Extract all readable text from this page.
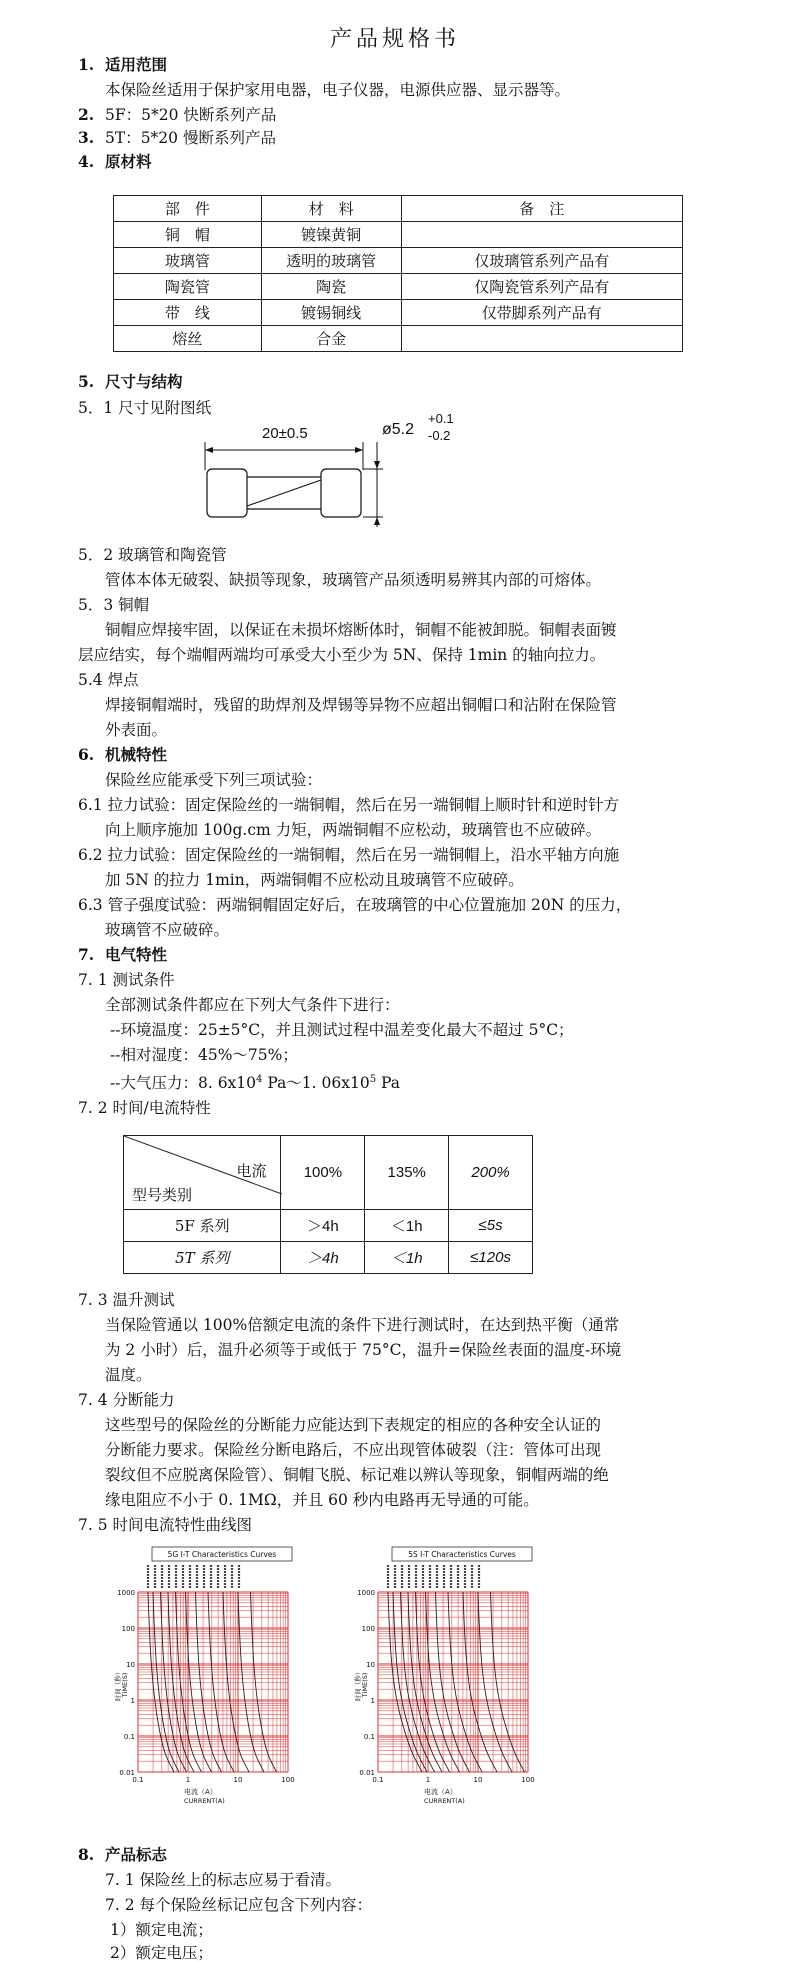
产品规格书
1. 适用范围
本保险丝适用于保护家用电器，电子仪器，电源供应器、显示器等。
2. 5F：5*20 快断系列产品
3. 5T：5*20 慢断系列产品
4. 原材料
部　件	材　料	备　注
铜　帽	镀镍黄铜	
玻璃管	透明的玻璃管	仅玻璃管系列产品有
陶瓷管	陶瓷	仅陶瓷管系列产品有
带　线	镀锡铜线	仅带脚系列产品有
熔丝	合金	
5. 尺寸与结构
5．1 尺寸见附图纸
20±0.5	ø5.2
+0.1
-0.2
5．2 玻璃管和陶瓷管
管体本体无破裂、缺损等现象，玻璃管产品须透明易辨其内部的可熔体。
5．3 铜帽
铜帽应焊接牢固，以保证在未损坏熔断体时，铜帽不能被卸脱。铜帽表面镀
层应结实，每个端帽两端均可承受大小至少为 5N、保持 1min 的轴向拉力。
5.4 焊点
焊接铜帽端时，残留的助焊剂及焊锡等异物不应超出铜帽口和沾附在保险管
外表面。
6. 机械特性
保险丝应能承受下列三项试验：
6.1 拉力试验：固定保险丝的一端铜帽，然后在另一端铜帽上顺时针和逆时针方
向上顺序施加 100g.cm 力矩，两端铜帽不应松动，玻璃管也不应破碎。
6.2 拉力试验：固定保险丝的一端铜帽，然后在另一端铜帽上，沿水平轴方向施
加 5N 的拉力 1min，两端铜帽不应松动且玻璃管不应破碎。
6.3 管子强度试验：两端铜帽固定好后，在玻璃管的中心位置施加 20N 的压力，
玻璃管不应破碎。
7. 电气特性
7. 1 测试条件
全部测试条件都应在下列大气条件下进行：
--环境温度：25±5°C，并且测试过程中温差变化最大不超过 5°C；
--相对湿度：45%～75%；
--大气压力：8. $6x10^4$ Pa～1. $06x10^5$ Pa
7. 2 时间/电流特性
电流
型号类别	100%	135%	200%
5F 系列	＞4h	＜1h	≤5s
5T 系列	＞4h	＜1h	≤120s
7. 3 温升测试
当保险管通以 100%倍额定电流的条件下进行测试时，在达到热平衡（通常
为 2 小时）后，温升必须等于或低于 75°C，温升=保险丝表面的温度-环境
温度。
7. 4 分断能力
这些型号的保险丝的分断能力应能达到下表规定的相应的各种安全认证的
分断能力要求。保险丝分断电路后，不应出现管体破裂（注：管体可出现
裂纹但不应脱离保险管）、铜帽飞脱、标记难以辨认等现象，铜帽两端的绝
缘电阻应不小于 0. 1MΩ，并且 60 秒内电路再无导通的可能。
7. 5 时间电流特性曲线图
5G I-T Characteristics Curves
1000
100
10
1
0.1
0.01
0.1	1	10	100
时间（秒） TIME(S)
电流（A）
CURRENT(A)
5S I-T Characteristics Curves
1000
100
10
1
0.1
0.01
0.1	1	10	100
时间（秒） TIME(S)
电流（A）
CURRENT(A)
8. 产品标志
7. 1 保险丝上的标志应易于看清。
7. 2 每个保险丝标记应包含下列内容：
1）额定电流；
2）额定电压；
